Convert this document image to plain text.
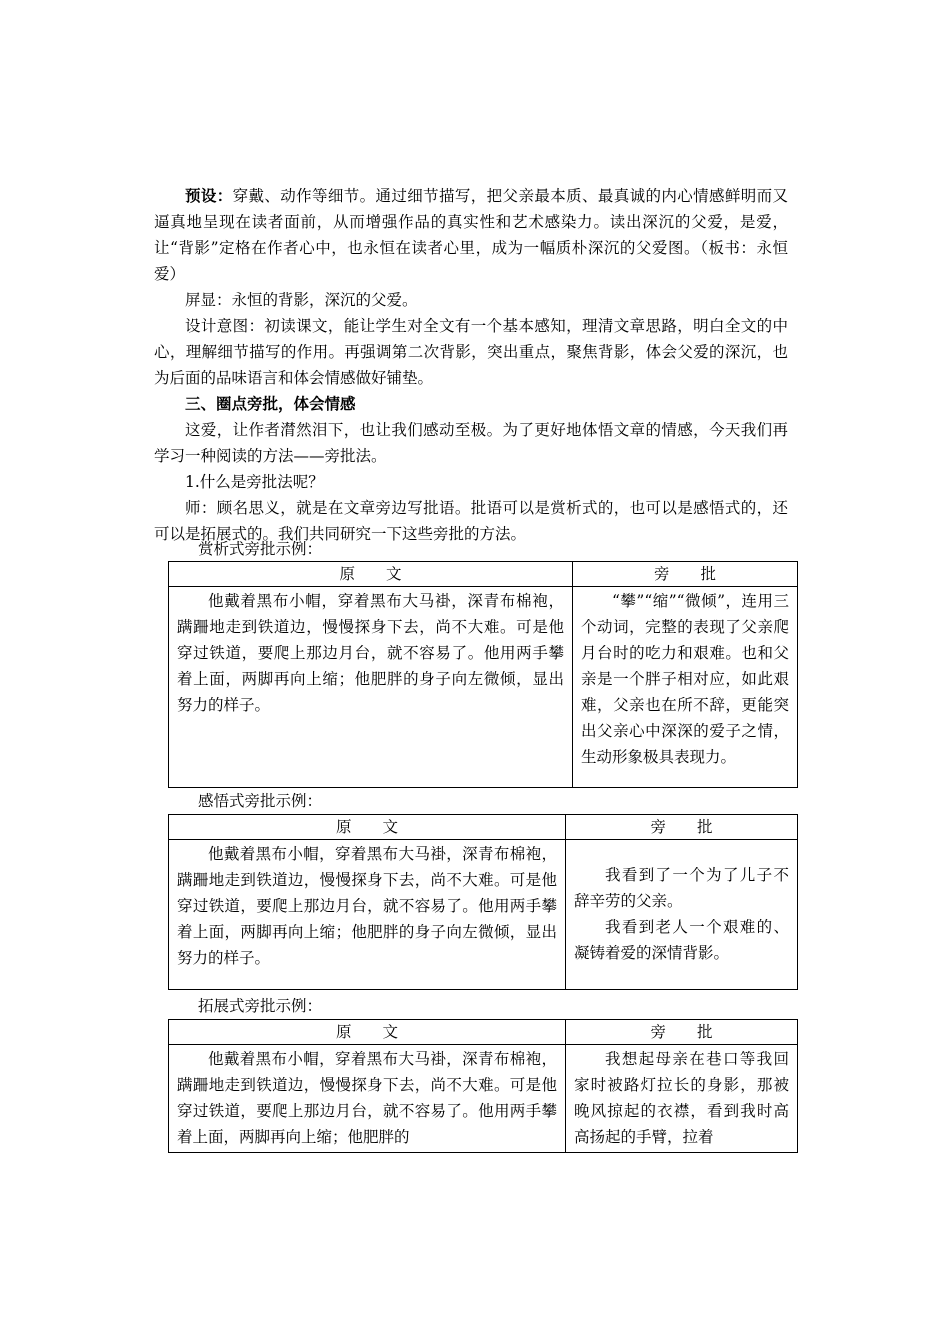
预设：穿戴、动作等细节。通过细节描写，把父亲最本质、最真诚的内心情感鲜明而又逼真地呈现在读者面前，从而增强作品的真实性和艺术感染力。读出深沉的父爱，是爱，让“背影”定格在作者心中，也永恒在读者心里，成为一幅质朴深沉的父爱图。（板书：永恒　　爱）

屏显：永恒的背影，深沉的父爱。

设计意图：初读课文，能让学生对全文有一个基本感知，理清文章思路，明白全文的中心，理解细节描写的作用。再强调第二次背影，突出重点，聚焦背影，体会父爱的深沉，也为后面的品味语言和体会情感做好铺垫。

三、圈点旁批，体会情感

这爱，让作者潸然泪下，也让我们感动至极。为了更好地体悟文章的情感，今天我们再学习一种阅读的方法——旁批法。

1.什么是旁批法呢？

师：顾名思义，就是在文章旁边写批语。批语可以是赏析式的，也可以是感悟式的，还可以是拓展式的。我们共同研究一下这些旁批的方法。

赏析式旁批示例：
原文	旁批
他戴着黑布小帽，穿着黑布大马褂，深青布棉袍，蹒跚地走到铁道边，慢慢探身下去，尚不大难。可是他穿过铁道，要爬上那边月台，就不容易了。他用两手攀着上面，两脚再向上缩；他肥胖的身子向左微倾，显出努力的样子。	“攀”“缩”“微倾”，连用三个动词，完整的表现了父亲爬月台时的吃力和艰难。也和父亲是一个胖子相对应，如此艰难，父亲也在所不辞，更能突出父亲心中深深的爱子之情，生动形象极具表现力。
感悟式旁批示例：
原文	旁批
他戴着黑布小帽，穿着黑布大马褂，深青布棉袍，蹒跚地走到铁道边，慢慢探身下去，尚不大难。可是他穿过铁道，要爬上那边月台，就不容易了。他用两手攀着上面，两脚再向上缩；他肥胖的身子向左微倾，显出努力的样子。	我看到了一个为了儿子不辞辛劳的父亲。
我看到老人一个艰难的、凝铸着爱的深情背影。
拓展式旁批示例：
原文	旁批
他戴着黑布小帽，穿着黑布大马褂，深青布棉袍，蹒跚地走到铁道边，慢慢探身下去，尚不大难。可是他穿过铁道，要爬上那边月台，就不容易了。他用两手攀着上面，两脚再向上缩；他肥胖的	我想起母亲在巷口等我回家时被路灯拉长的身影，那被晚风掠起的衣襟，看到我时高高扬起的手臂，拉着
